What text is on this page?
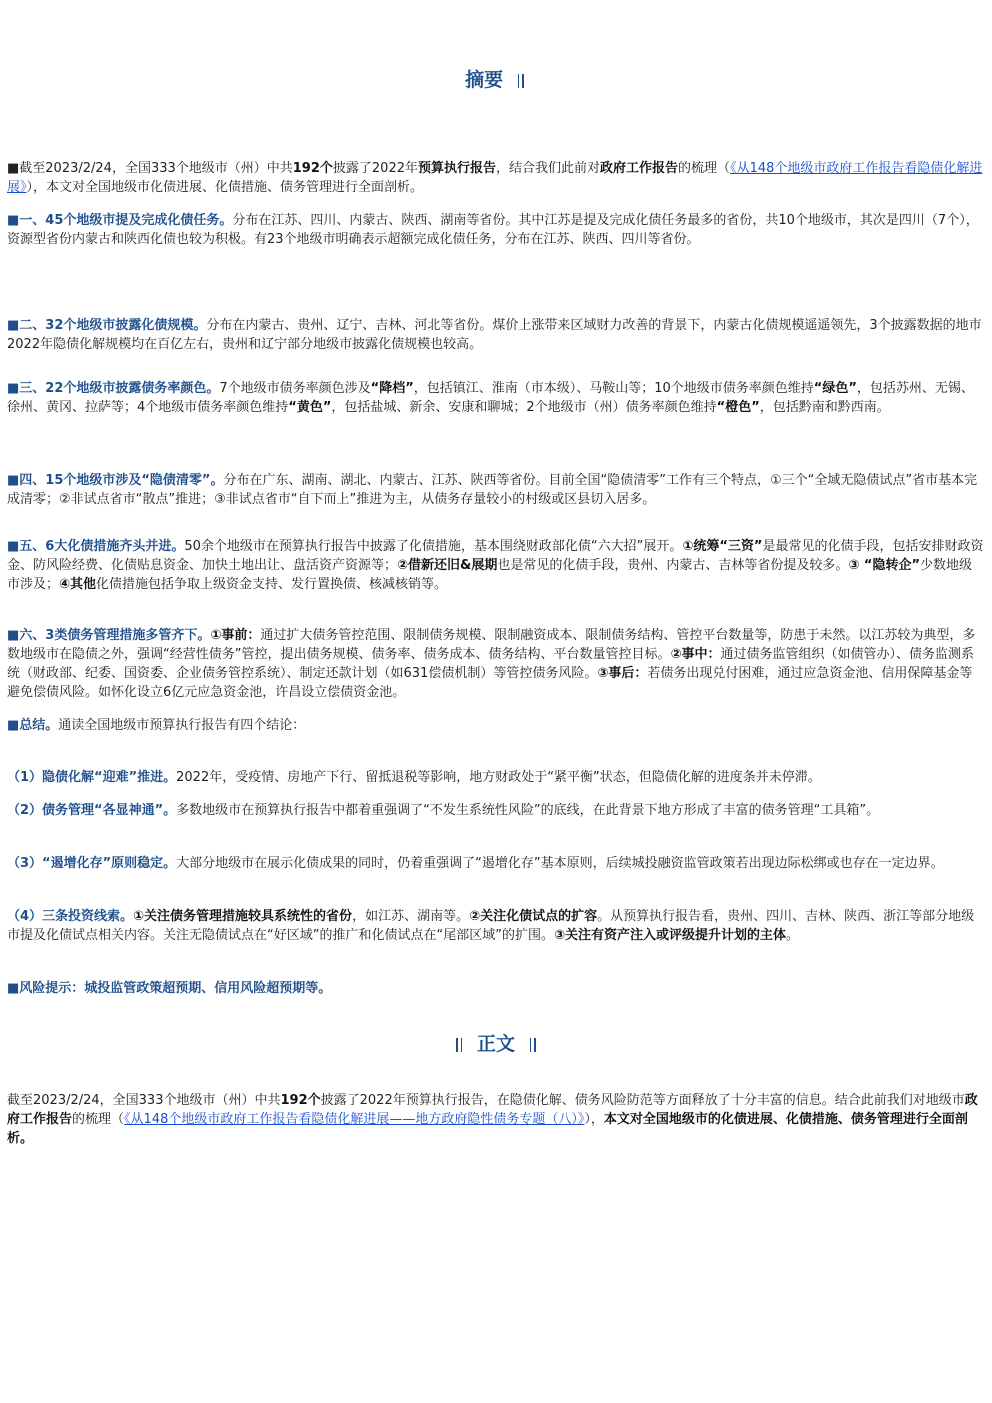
摘要

■截至2023/2/24，全国333个地级市（州）中共192个披露了2022年预算执行报告，结合我们此前对政府工作报告的梳理（《从148个地级市政府工作报告看隐债化解进展》），本文对全国地级市化债进展、化债措施、债务管理进行全面剖析。

■一、45个地级市提及完成化债任务。分布在江苏、四川、内蒙古、陕西、湖南等省份。其中江苏是提及完成化债任务最多的省份，共10个地级市，其次是四川（7个），资源型省份内蒙古和陕西化债也较为积极。有23个地级市明确表示超额完成化债任务，分布在江苏、陕西、四川等省份。

■二、32个地级市披露化债规模。分布在内蒙古、贵州、辽宁、吉林、河北等省份。煤价上涨带来区域财力改善的背景下，内蒙古化债规模遥遥领先，3个披露数据的地市2022年隐债化解规模均在百亿左右，贵州和辽宁部分地级市披露化债规模也较高。

■三、22个地级市披露债务率颜色。7个地级市债务率颜色涉及“降档”，包括镇江、淮南（市本级）、马鞍山等；10个地级市债务率颜色维持“绿色”，包括苏州、无锡、徐州、黄冈、拉萨等；4个地级市债务率颜色维持“黄色”，包括盐城、新余、安康和聊城；2个地级市（州）债务率颜色维持“橙色”，包括黔南和黔西南。

■四、15个地级市涉及“隐债清零”。分布在广东、湖南、湖北、内蒙古、江苏、陕西等省份。目前全国“隐债清零”工作有三个特点，①三个“全域无隐债试点”省市基本完成清零；②非试点省市“散点”推进；③非试点省市“自下而上”推进为主，从债务存量较小的村级或区县切入居多。

■五、6大化债措施齐头并进。50余个地级市在预算执行报告中披露了化债措施，基本围绕财政部化债“六大招”展开。①统筹“三资”是最常见的化债手段，包括安排财政资金、防风险经费、化债贴息资金、加快土地出让、盘活资产资源等；②借新还旧&展期也是常见的化债手段，贵州、内蒙古、吉林等省份提及较多。③ “隐转企”少数地级市涉及；④其他化债措施包括争取上级资金支持、发行置换债、核减核销等。

■六、3类债务管理措施多管齐下。①事前：通过扩大债务管控范围、限制债务规模、限制融资成本、限制债务结构、管控平台数量等，防患于未然。以江苏较为典型，多数地级市在隐债之外，强调“经营性债务”管控，提出债务规模、债务率、债务成本、债务结构、平台数量管控目标。②事中：通过债务监管组织（如债管办）、债务监测系统（财政部、纪委、国资委、企业债务管控系统）、制定还款计划（如631偿债机制）等管控债务风险。③事后：若债务出现兑付困难，通过应急资金池、信用保障基金等避免偿债风险。如怀化设立6亿元应急资金池，许昌设立偿债资金池。

■总结。通读全国地级市预算执行报告有四个结论：

（1）隐债化解“迎难”推进。2022年，受疫情、房地产下行、留抵退税等影响，地方财政处于“紧平衡”状态，但隐债化解的进度条并未停滞。

（2）债务管理“各显神通”。多数地级市在预算执行报告中都着重强调了“不发生系统性风险”的底线，在此背景下地方形成了丰富的债务管理“工具箱”。

（3）“遏增化存”原则稳定。大部分地级市在展示化债成果的同时，仍着重强调了“遏增化存”基本原则，后续城投融资监管政策若出现边际松绑或也存在一定边界。

（4）三条投资线索。①关注债务管理措施较具系统性的省份，如江苏、湖南等。②关注化债试点的扩容。从预算执行报告看，贵州、四川、吉林、陕西、浙江等部分地级市提及化债试点相关内容。关注无隐债试点在“好区域”的推广和化债试点在“尾部区域”的扩围。③关注有资产注入或评级提升计划的主体。

■风险提示：城投监管政策超预期、信用风险超预期等。

正文

截至2023/2/24，全国333个地级市（州）中共192个披露了2022年预算执行报告，在隐债化解、债务风险防范等方面释放了十分丰富的信息。结合此前我们对地级市政府工作报告的梳理（《从148个地级市政府工作报告看隐债化解进展——地方政府隐性债务专题（八）》），本文对全国地级市的化债进展、化债措施、债务管理进行全面剖析。
